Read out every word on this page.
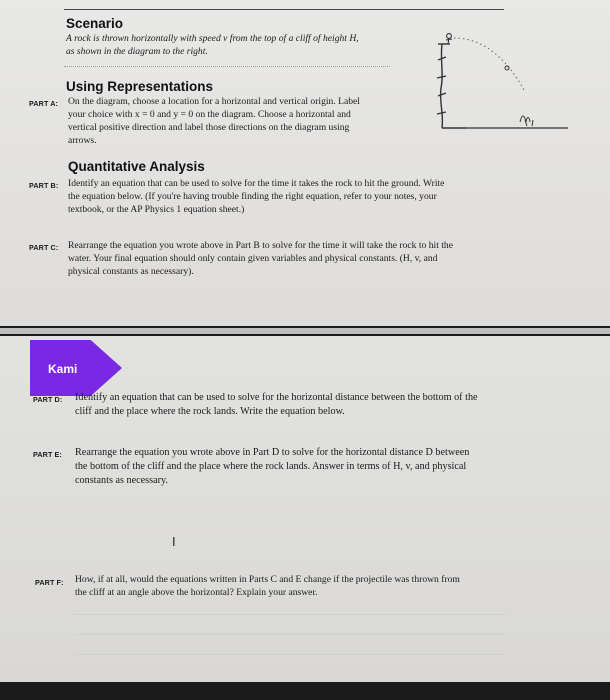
Scenario
A rock is thrown horizontally with speed v from the top of a cliff of height H,
as shown in the diagram to the right.
Using Representations
PART A: On the diagram, choose a location for a horizontal and vertical origin. Label
your choice with x = 0 and y = 0 on the diagram. Choose a horizontal and
vertical positive direction and label those directions on the diagram using
arrows.
Quantitative Analysis
PART B: Identify an equation that can be used to solve for the time it takes the rock to hit the ground. Write
the equation below. (If you're having trouble finding the right equation, refer to your notes, your
textbook, or the AP Physics 1 equation sheet.)
PART C: Rearrange the equation you wrote above in Part B to solve for the time it will take the rock to hit the
water. Your final equation should only contain given variables and physical constants. (H, v, and
physical constants as necessary).
Kami
PART D: Identify an equation that can be used to solve for the horizontal distance between the bottom of the
cliff and the place where the rock lands. Write the equation below.
PART E: Rearrange the equation you wrote above in Part D to solve for the horizontal distance D between
the bottom of the cliff and the place where the rock lands. Answer in terms of H, v, and physical
constants as necessary.
I
PART F: How, if at all, would the equations written in Parts C and E change if the projectile was thrown from
the cliff at an angle above the horizontal? Explain your answer.
